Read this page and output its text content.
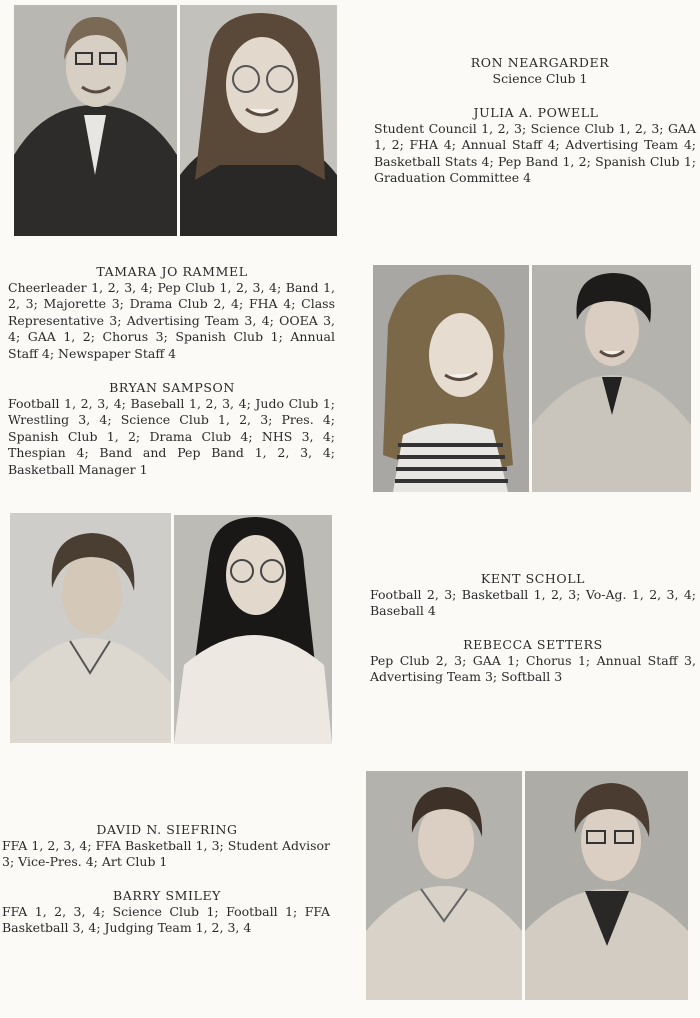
RON NEARGARDER
Science Club 1
JULIA A. POWELL

Student Council 1, 2, 3; Science Club 1, 2, 3; GAA 1, 2; FHA 4; Annual Staff 4; Advertising Team 4; Basketball Stats 4; Pep Band 1, 2; Spanish Club 1; Graduation Committee 4

TAMARA JO RAMMEL

Cheerleader 1, 2, 3, 4; Pep Club 1, 2, 3, 4; Band 1, 2, 3; Majorette 3; Drama Club 2, 4; FHA 4; Class Representative 3; Advertising Team 3, 4; OOEA 3, 4; GAA 1, 2; Chorus 3; Spanish Club 1; Annual Staff 4; Newspaper Staff 4

BRYAN SAMPSON

Football 1, 2, 3, 4; Baseball 1, 2, 3, 4; Judo Club 1; Wrestling 3, 4; Science Club 1, 2, 3; Pres. 4; Spanish Club 1, 2; Drama Club 4; NHS 3, 4; Thespian 4; Band and Pep Band 1, 2, 3, 4; Basketball Manager 1

KENT SCHOLL

Football 2, 3; Basketball 1, 2, 3; Vo-Ag. 1, 2, 3, 4; Baseball 4

REBECCA SETTERS

Pep Club 2, 3; GAA 1; Chorus 1; Annual Staff 3, Advertising Team 3; Softball 3

DAVID N. SIEFRING

FFA 1, 2, 3, 4; FFA Basketball 1, 3; Student Advisor 3; Vice-Pres. 4; Art Club 1

BARRY SMILEY

FFA 1, 2, 3, 4; Science Club 1; Football 1; FFA Basketball 3, 4; Judging Team 1, 2, 3, 4
